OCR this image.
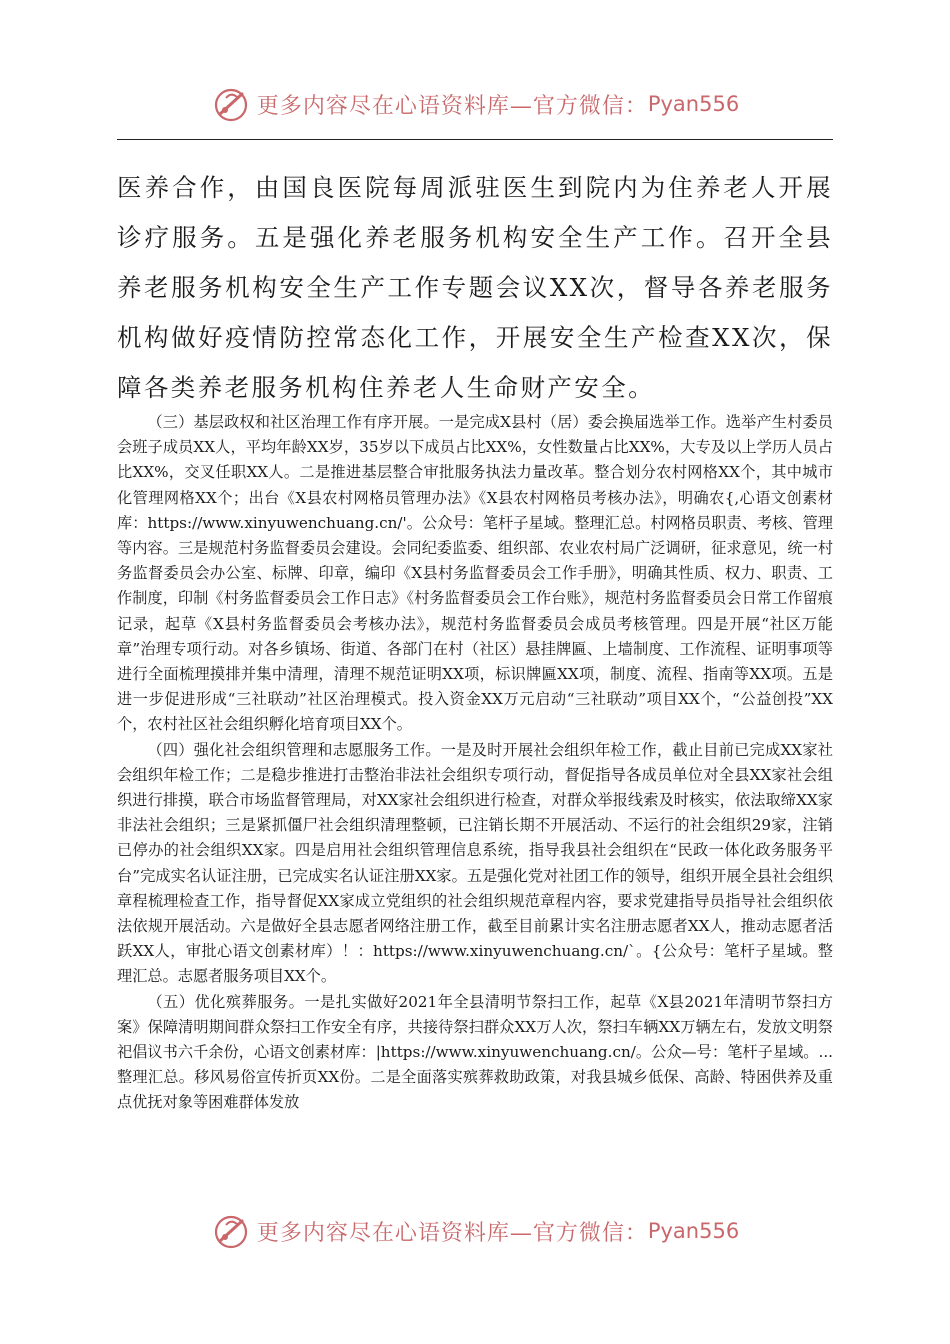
更多内容尽在心语资料库—官方微信： Pyan556

医养合作，由国良医院每周派驻医生到院内为住养老人开展诊疗服务。五是强化养老服务机构安全生产工作。召开全县养老服务机构安全生产工作专题会议XX次，督导各养老服务机构做好疫情防控常态化工作，开展安全生产检查XX次，保障各类养老服务机构住养老人生命财产安全。

（三）基层政权和社区治理工作有序开展。一是完成X县村（居）委会换届选举工作。选举产生村委员会班子成员XX人，平均年龄XX岁，35岁以下成员占比XX%，女性数量占比XX%，大专及以上学历人员占比XX%，交叉任职XX人。二是推进基层整合审批服务执法力量改革。整合划分农村网格XX个，其中城市化管理网格XX个；出台《X县农村网格员管理办法》《X县农村网格员考核办法》，明确农{,心语文创素材库：https://www.xinyuwenchuang.cn/'。公众号：笔杆子星域。整理汇总。村网格员职责、考核、管理等内容。三是规范村务监督委员会建设。会同纪委监委、组织部、农业农村局广泛调研，征求意见，统一村务监督委员会办公室、标牌、印章，编印《X县村务监督委员会工作手册》，明确其性质、权力、职责、工作制度，印制《村务监督委员会工作日志》《村务监督委员会工作台账》，规范村务监督委员会日常工作留痕记录，起草《X县村务监督委员会考核办法》，规范村务监督委员会成员考核管理。四是开展“社区万能章”治理专项行动。对各乡镇场、街道、各部门在村（社区）悬挂牌匾、上墙制度、工作流程、证明事项等进行全面梳理摸排并集中清理，清理不规范证明XX项，标识牌匾XX项，制度、流程、指南等XX项。五是进一步促进形成“三社联动”社区治理模式。投入资金XX万元启动“三社联动”项目XX个，“公益创投”XX个，农村社区社会组织孵化培育项目XX个。

（四）强化社会组织管理和志愿服务工作。一是及时开展社会组织年检工作，截止目前已完成XX家社会组织年检工作；二是稳步推进打击整治非法社会组织专项行动，督促指导各成员单位对全县XX家社会组织进行排摸，联合市场监督管理局，对XX家社会组织进行检查，对群众举报线索及时核实，依法取缔XX家非法社会组织；三是紧抓僵尸社会组织清理整顿，已注销长期不开展活动、不运行的社会组织29家，注销已停办的社会组织XX家。四是启用社会组织管理信息系统，指导我县社会组织在“民政一体化政务服务平台”完成实名认证注册，已完成实名认证注册XX家。五是强化党对社团工作的领导，组织开展全县社会组织章程梳理检查工作，指导督促XX家成立党组织的社会组织规范章程内容，要求党建指导员指导社会组织依法依规开展活动。六是做好全县志愿者网络注册工作，截至目前累计实名注册志愿者XX人，推动志愿者活跃XX人，审批心语文创素材库）！：https://www.xinyuwenchuang.cn/`。{公众号：笔杆子星域。整理汇总。志愿者服务项目XX个。

（五）优化殡葬服务。一是扎实做好2021年全县清明节祭扫工作，起草《X县2021年清明节祭扫方案》保障清明期间群众祭扫工作安全有序，共接待祭扫群众XX万人次，祭扫车辆XX万辆左右，发放文明祭祀倡议书六千余份，心语文创素材库：|https://www.xinyuwenchuang.cn/。公众—号：笔杆子星域。...整理汇总。移风易俗宣传折页XX份。二是全面落实殡葬救助政策，对我县城乡低保、高龄、特困供养及重点优抚对象等困难群体发放

更多内容尽在心语资料库—官方微信： Pyan556
